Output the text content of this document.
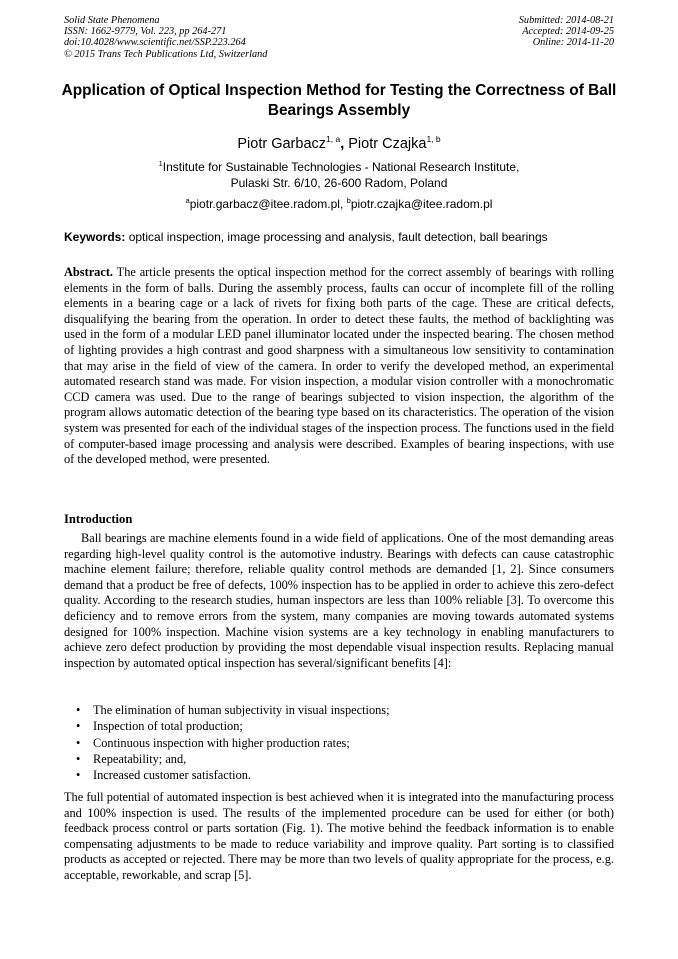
Solid State Phenomena
ISSN: 1662-9779, Vol. 223, pp 264-271
doi:10.4028/www.scientific.net/SSP.223.264
© 2015 Trans Tech Publications Ltd, Switzerland
Submitted: 2014-08-21
Accepted: 2014-09-25
Online: 2014-11-20
Application of Optical Inspection Method for Testing the Correctness of Ball Bearings Assembly
Piotr Garbacz$^{1, a}$, Piotr Czajka$^{1, b}$
$^1$Institute for Sustainable Technologies - National Research Institute,
Pulaski Str. 6/10, 26-600 Radom, Poland
$^a$piotr.garbacz@itee.radom.pl, $^b$piotr.czajka@itee.radom.pl
Keywords: optical inspection, image processing and analysis, fault detection, ball bearings
Abstract. The article presents the optical inspection method for the correct assembly of bearings with rolling elements in the form of balls. During the assembly process, faults can occur of incomplete fill of the rolling elements in a bearing cage or a lack of rivets for fixing both parts of the cage. These are critical defects, disqualifying the bearing from the operation. In order to detect these faults, the method of backlighting was used in the form of a modular LED panel illuminator located under the inspected bearing. The chosen method of lighting provides a high contrast and good sharpness with a simultaneous low sensitivity to contamination that may arise in the field of view of the camera. In order to verify the developed method, an experimental automated research stand was made. For vision inspection, a modular vision controller with a monochromatic CCD camera was used. Due to the range of bearings subjected to vision inspection, the algorithm of the program allows automatic detection of the bearing type based on its characteristics. The operation of the vision system was presented for each of the individual stages of the inspection process. The functions used in the field of computer-based image processing and analysis were described. Examples of bearing inspections, with use of the developed method, were presented.
Introduction
Ball bearings are machine elements found in a wide field of applications. One of the most demanding areas regarding high-level quality control is the automotive industry. Bearings with defects can cause catastrophic machine element failure; therefore, reliable quality control methods are demanded [1, 2]. Since consumers demand that a product be free of defects, 100% inspection has to be applied in order to achieve this zero-defect quality. According to the research studies, human inspectors are less than 100% reliable [3]. To overcome this deficiency and to remove errors from the system, many companies are moving towards automated systems designed for 100% inspection. Machine vision systems are a key technology in enabling manufacturers to achieve zero defect production by providing the most dependable visual inspection results. Replacing manual inspection by automated optical inspection has several/significant benefits [4]:
• The elimination of human subjectivity in visual inspections;
• Inspection of total production;
• Continuous inspection with higher production rates;
• Repeatability; and,
• Increased customer satisfaction.
The full potential of automated inspection is best achieved when it is integrated into the manufacturing process and 100% inspection is used. The results of the implemented procedure can be used for either (or both) feedback process control or parts sortation (Fig. 1). The motive behind the feedback information is to enable compensating adjustments to be made to reduce variability and improve quality. Part sorting is to classified products as accepted or rejected. There may be more than two levels of quality appropriate for the process, e.g. acceptable, reworkable, and scrap [5].
